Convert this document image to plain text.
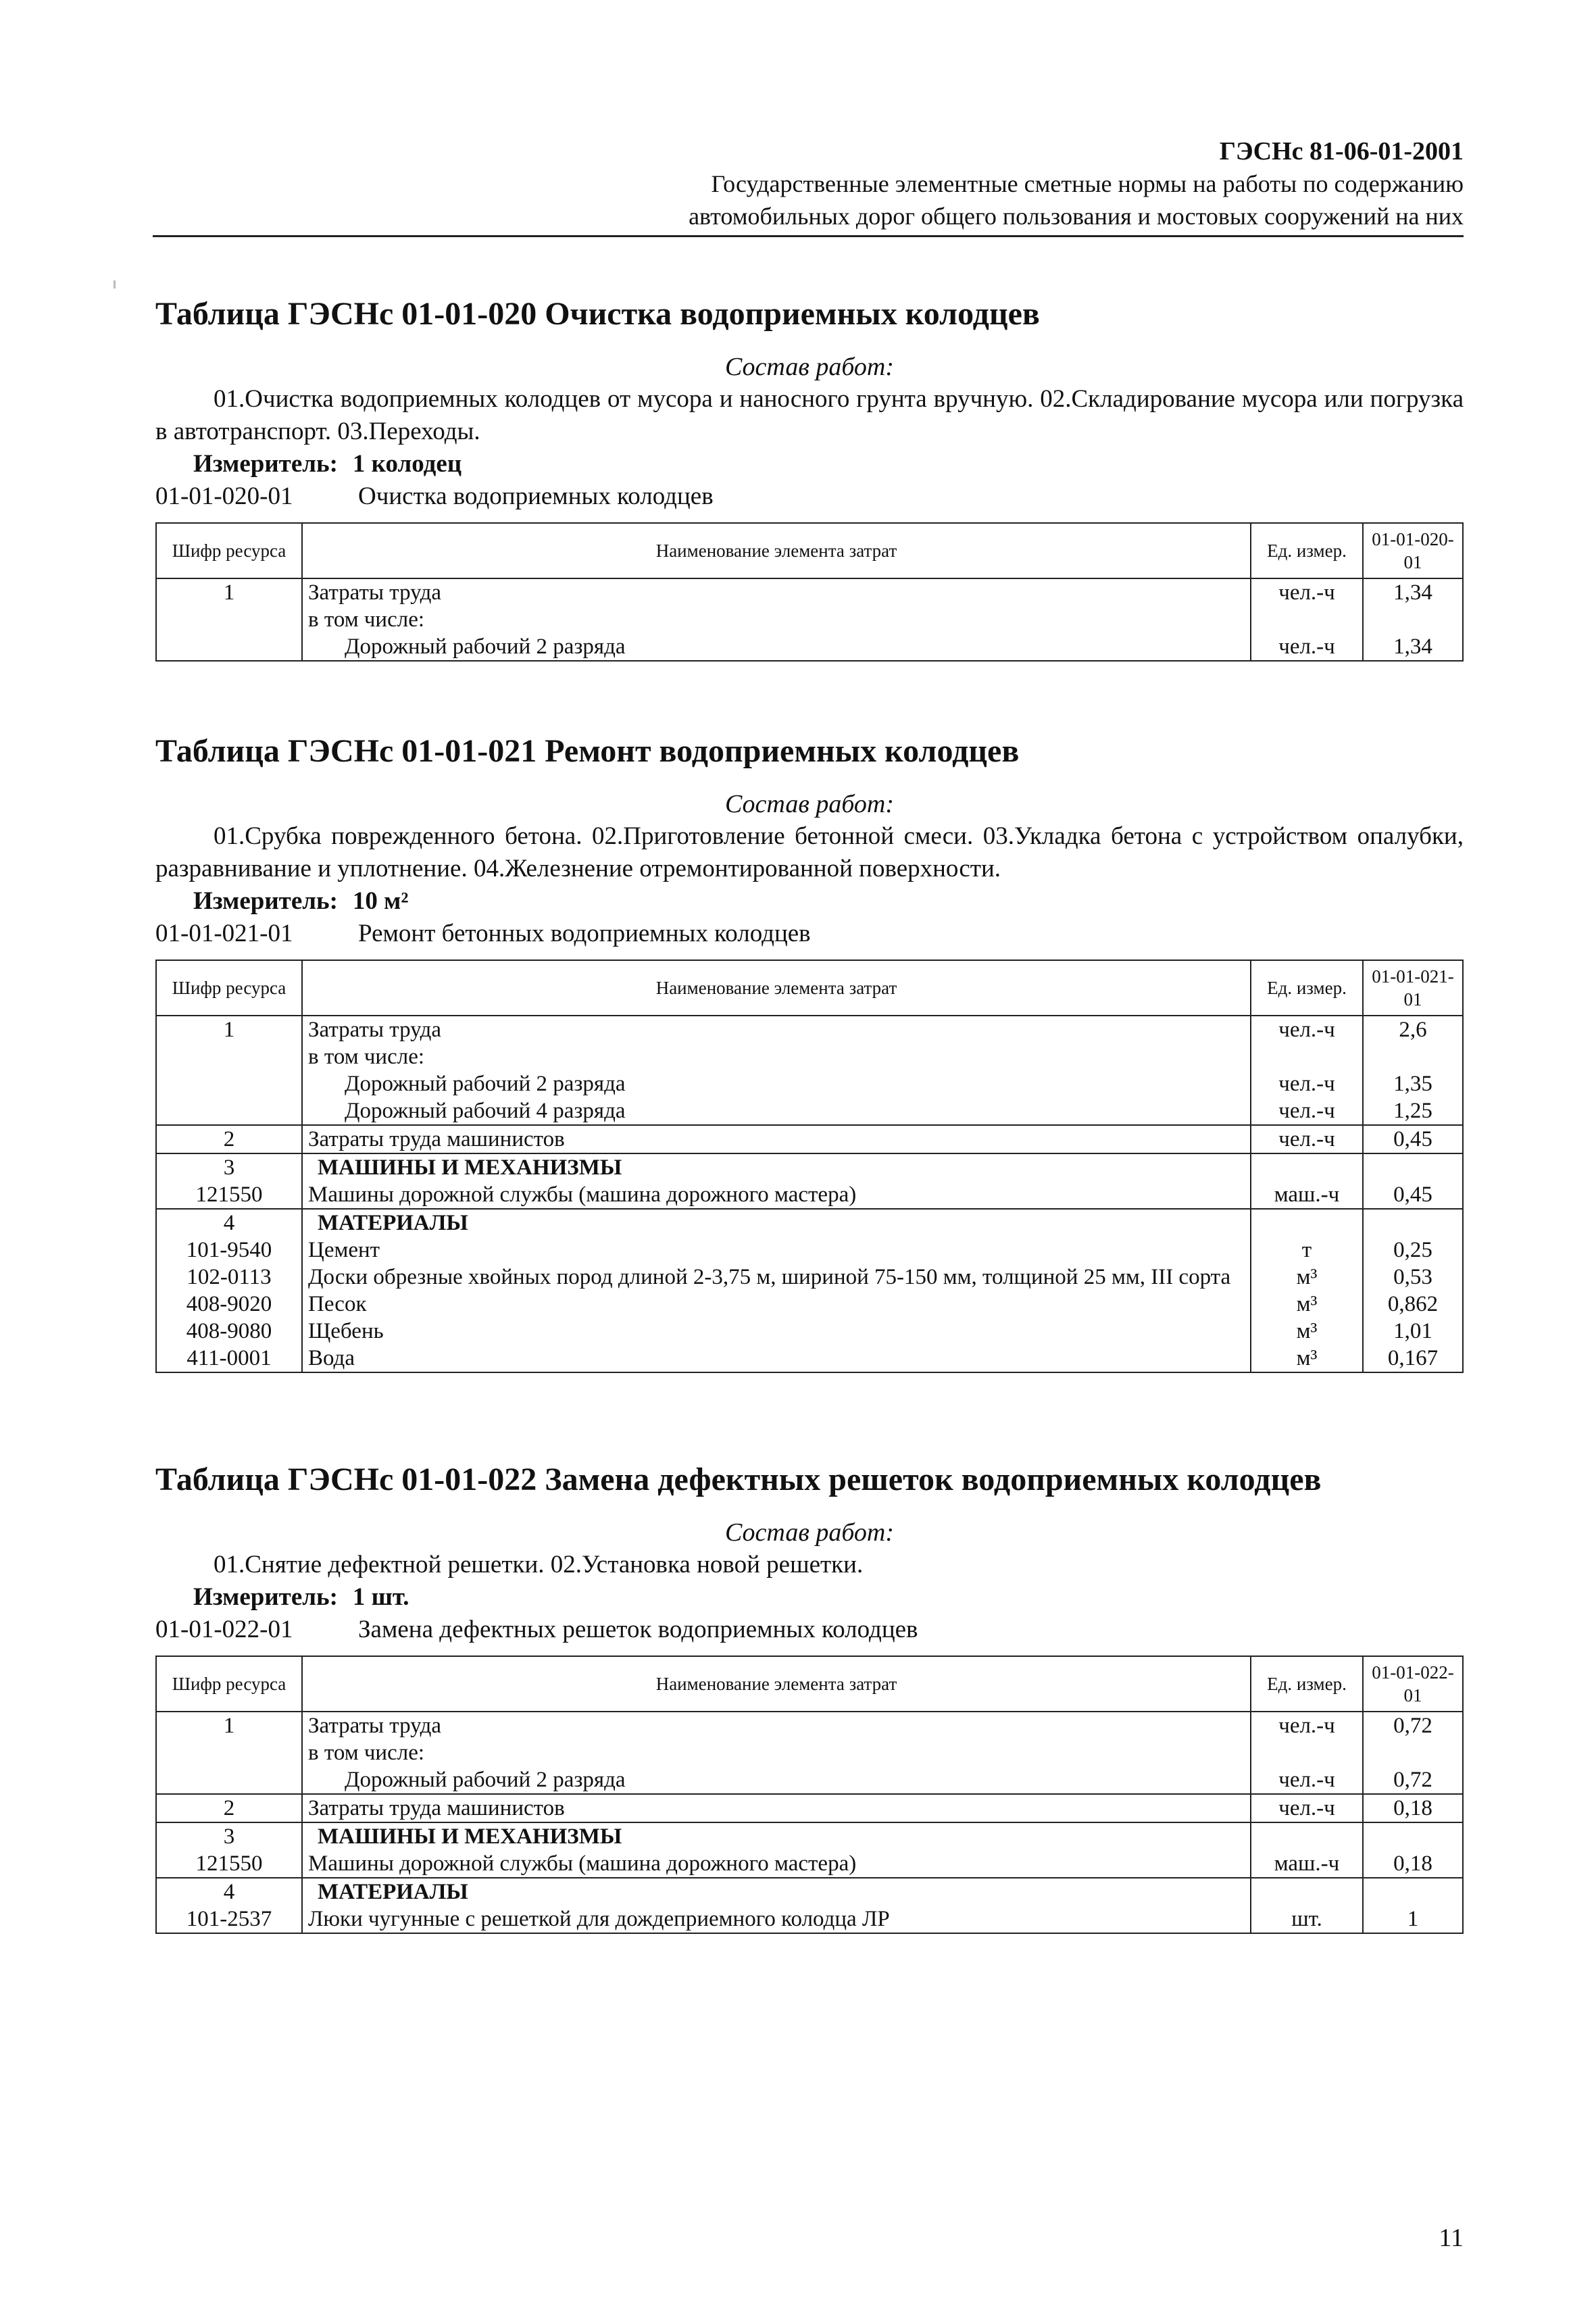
ГЭСНс 81-06-01-2001
Государственные элементные сметные нормы на работы по содержанию
автомобильных дорог общего пользования и мостовых сооружений на них
Таблица ГЭСНс 01-01-020 Очистка водоприемных колодцев
Состав работ:

01.Очистка водоприемных колодцев от мусора и наносного грунта вручную. 02.Складирование мусора или погрузка в автотранспорт. 03.Переходы.

Измеритель: 1 колодец
01-01-020-01	Очистка водоприемных колодцев
Шифр ресурса	Наименование элемента затрат	Ед. измер.	01-01-020-01
1	Затраты труда	чел.-ч	1,34
	в том числе:		
	Дорожный рабочий 2 разряда	чел.-ч	1,34
Таблица ГЭСНс 01-01-021 Ремонт водоприемных колодцев
Состав работ:

01.Срубка поврежденного бетона. 02.Приготовление бетонной смеси. 03.Укладка бетона с устройством опалубки, разравнивание и уплотнение. 04.Железнение отремонтированной поверхности.

Измеритель: 10 м²
01-01-021-01	Ремонт бетонных водоприемных колодцев
Шифр ресурса	Наименование элемента затрат	Ед. измер.	01-01-021-01
1	Затраты труда	чел.-ч	2,6
	в том числе:		
	Дорожный рабочий 2 разряда	чел.-ч	1,35
	Дорожный рабочий 4 разряда	чел.-ч	1,25
2	Затраты труда машинистов	чел.-ч	0,45
3	МАШИНЫ И МЕХАНИЗМЫ		
121550	Машины дорожной службы (машина дорожного мастера)	маш.-ч	0,45
4	МАТЕРИАЛЫ		
101-9540	Цемент	т	0,25
102-0113	Доски обрезные хвойных пород длиной 2-3,75 м, шириной 75-150 мм, толщиной 25 мм, III сорта	м³	0,53
408-9020	Песок	м³	0,862
408-9080	Щебень	м³	1,01
411-0001	Вода	м³	0,167
Таблица ГЭСНс 01-01-022 Замена дефектных решеток водоприемных колодцев
Состав работ:

01.Снятие дефектной решетки. 02.Установка новой решетки.

Измеритель: 1 шт.
01-01-022-01	Замена дефектных решеток водоприемных колодцев
Шифр ресурса	Наименование элемента затрат	Ед. измер.	01-01-022-01
1	Затраты труда	чел.-ч	0,72
	в том числе:		
	Дорожный рабочий 2 разряда	чел.-ч	0,72
2	Затраты труда машинистов	чел.-ч	0,18
3	МАШИНЫ И МЕХАНИЗМЫ		
121550	Машины дорожной службы (машина дорожного мастера)	маш.-ч	0,18
4	МАТЕРИАЛЫ		
101-2537	Люки чугунные с решеткой для дождеприемного колодца ЛР	шт.	1
11
